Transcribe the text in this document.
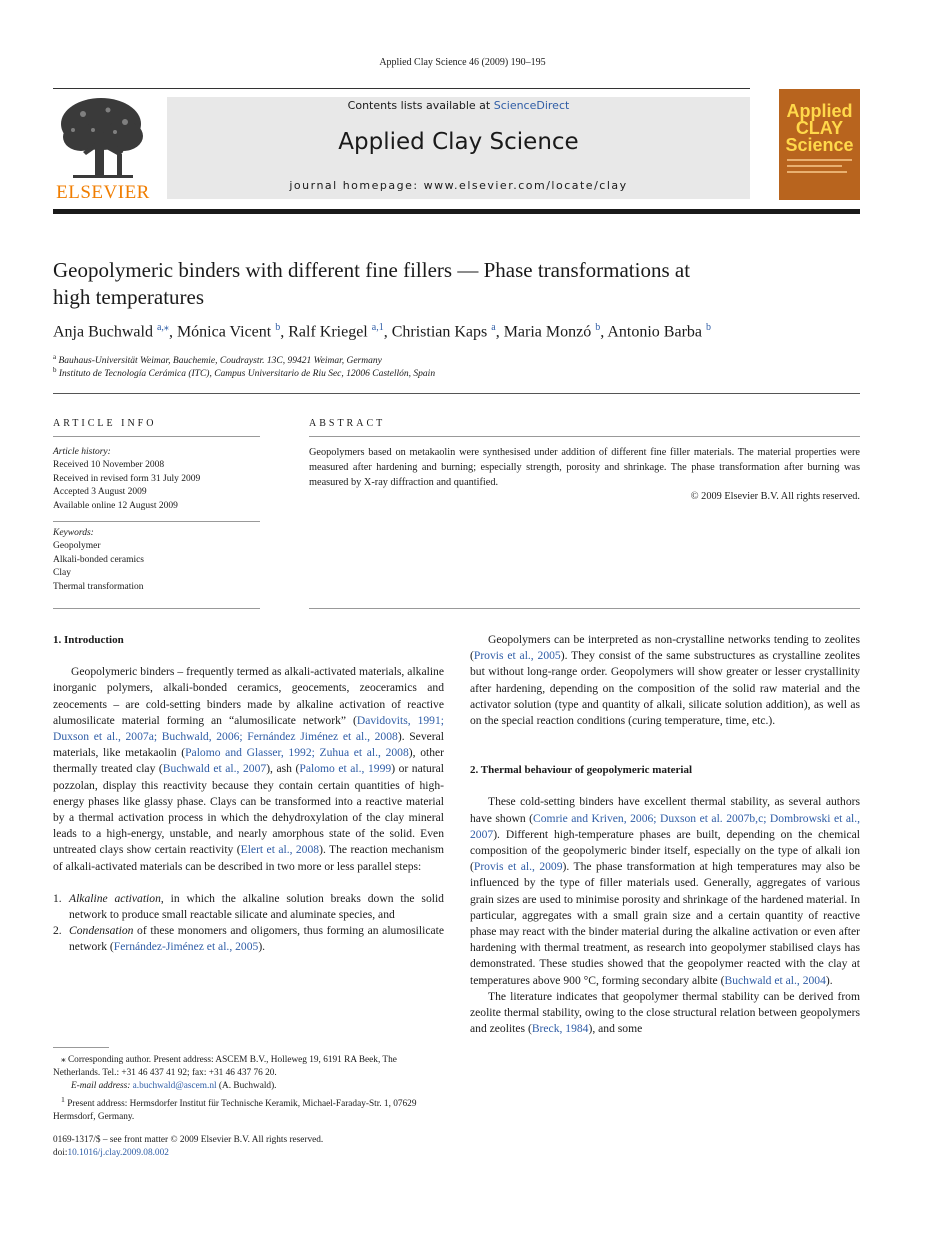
Applied Clay Science 46 (2009) 190–195
ELSEVIER
Contents lists available at ScienceDirect
Applied Clay Science
journal homepage: www.elsevier.com/locate/clay
Applied
CLAY
Science
Geopolymeric binders with different fine fillers — Phase transformations at
high temperatures
Anja Buchwald $^{a,⁎}$, Mónica Vicent $^b$, Ralf Kriegel $^{a,1}$, Christian Kaps $^a$, Maria Monzó $^b$, Antonio Barba $^b$
$^a$ Bauhaus-Universität Weimar, Bauchemie, Coudraystr. 13C, 99421 Weimar, Germany
$^b$ Instituto de Tecnología Cerámica (ITC), Campus Universitario de Riu Sec, 12006 Castellón, Spain
ARTICLE INFO
Article history:
Received 10 November 2008
Received in revised form 31 July 2009
Accepted 3 August 2009
Available online 12 August 2009
Keywords:
Geopolymer
Alkali-bonded ceramics
Clay
Thermal transformation
ABSTRACT
Geopolymers based on metakaolin were synthesised under addition of different fine filler materials. The material properties were measured after hardening and burning; especially strength, porosity and shrinkage. The phase transformation after burning was measured by X-ray diffraction and quantified.
© 2009 Elsevier B.V. All rights reserved.

1. Introduction

Geopolymeric binders – frequently termed as alkali-activated materials, alkaline inorganic polymers, alkali-bonded ceramics, geocements, zeoceramics and zeocements – are cold-setting binders made by alkaline activation of reactive alumosilicate material forming an “alumosilicate network” (Davidovits, 1991; Duxson et al., 2007a; Buchwald, 2006; Fernández Jiménez et al., 2008). Several materials, like metakaolin (Palomo and Glasser, 1992; Zuhua et al., 2008), other thermally treated clay (Buchwald et al., 2007), ash (Palomo et al., 1999) or natural pozzolan, display this reactivity because they contain certain quantities of high-energy phases like glassy phase. Clays can be transformed into a reactive material by a thermal activation process in which the dehydroxylation of the clay mineral leads to a high-energy, unstable, and nearly amorphous state of the solid. Even untreated clays show certain reactivity (Elert et al., 2008). The reaction mechanism of alkali-activated materials can be described in two more or less parallel steps:

1. Alkaline activation, in which the alkaline solution breaks down the solid network to produce small reactable silicate and aluminate species, and
2. Condensation of these monomers and oligomers, thus forming an alumosilicate network (Fernández-Jiménez et al., 2005).
⁎ Corresponding author. Present address: ASCEM B.V., Holleweg 19, 6191 RA Beek, The Netherlands. Tel.: +31 46 437 41 92; fax: +31 46 437 76 20.
E-mail address: a.buchwald@ascem.nl (A. Buchwald).
$^1$ Present address: Hermsdorfer Institut für Technische Keramik, Michael-Faraday-Str. 1, 07629 Hermsdorf, Germany.
0169-1317/$ – see front matter © 2009 Elsevier B.V. All rights reserved.
doi:10.1016/j.clay.2009.08.002

Geopolymers can be interpreted as non-crystalline networks tending to zeolites (Provis et al., 2005). They consist of the same substructures as crystalline zeolites but without long-range order. Geopolymers will show greater or lesser crystallinity after hardening, depending on the composition of the solid raw material and the activator solution (type and quantity of alkali, silicate solution addition), as well as on the special reaction conditions (curing temperature, time, etc.).

2. Thermal behaviour of geopolymeric material

These cold-setting binders have excellent thermal stability, as several authors have shown (Comrie and Kriven, 2006; Duxson et al. 2007b,c; Dombrowski et al., 2007). Different high-temperature phases are built, depending on the chemical composition of the geopolymeric binder itself, especially on the type of alkali ion (Provis et al., 2009). The phase transformation at high temperatures may also be influenced by the type of filler materials used. Generally, aggregates of various grain sizes are used to minimise porosity and shrinkage of the hardened material. In particular, aggregates with a small grain size and a certain quantity of reactive phase may react with the binder material during the alkaline activation or even after hardening with thermal treatment, as research into geopolymer stabilised clays has demonstrated. These studies showed that the geopolymer reacted with the clay at temperatures above 900 °C, forming secondary albite (Buchwald et al., 2004).

The literature indicates that geopolymer thermal stability can be derived from zeolite thermal stability, owing to the close structural relation between geopolymers and zeolites (Breck, 1984), and some
